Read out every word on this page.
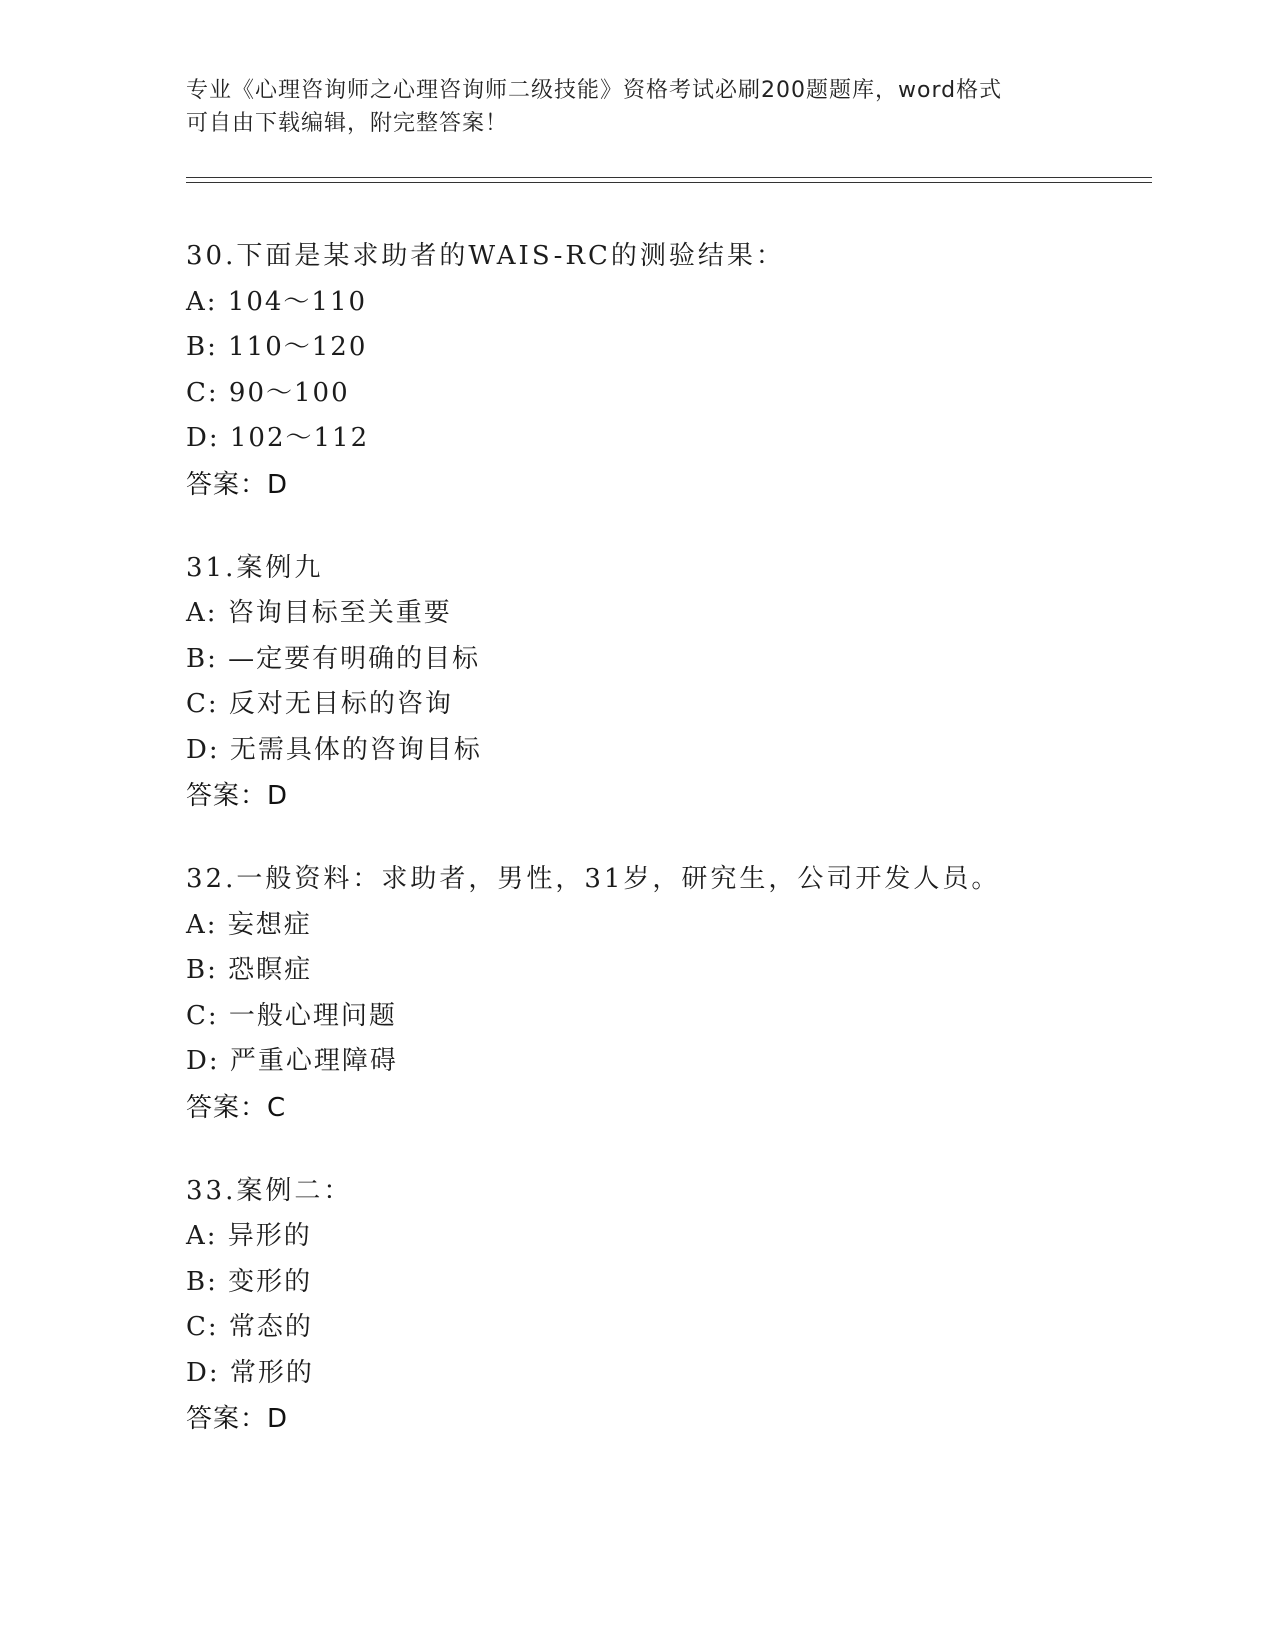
专业《心理咨询师之心理咨询师二级技能》资格考试必刷200题题库，word格式
可自由下载编辑，附完整答案！
30.下面是某求助者的WAIS-RC的测验结果：
A: 104～110
B: 110～120
C: 90～100
D: 102～112
答案：D
31.案例九
A: 咨询目标至关重要
B: —定要有明确的目标
C: 反对无目标的咨询
D: 无需具体的咨询目标
答案：D
32.一般资料：求助者，男性，31岁，研究生，公司开发人员。
A: 妄想症
B: 恐瞑症
C: 一般心理问题
D: 严重心理障碍
答案：C
33.案例二：
A: 异形的
B: 变形的
C: 常态的
D: 常形的
答案：D
